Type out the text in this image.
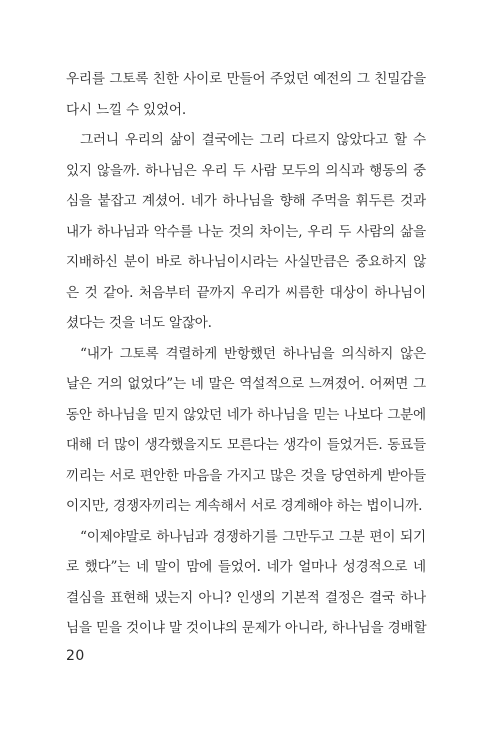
우리를 그토록 친한 사이로 만들어 주었던 예전의 그 친밀감을
다시 느낄 수 있었어.
그러니 우리의 삶이 결국에는 그리 다르지 않았다고 할 수
있지 않을까. 하나님은 우리 두 사람 모두의 의식과 행동의 중
심을 붙잡고 계셨어. 네가 하나님을 향해 주먹을 휘두른 것과
내가 하나님과 악수를 나눈 것의 차이는, 우리 두 사람의 삶을
지배하신 분이 바로 하나님이시라는 사실만큼은 중요하지 않
은 것 같아. 처음부터 끝까지 우리가 씨름한 대상이 하나님이
셨다는 것을 너도 알잖아.
“내가 그토록 격렬하게 반항했던 하나님을 의식하지 않은
날은 거의 없었다”는 네 말은 역설적으로 느껴졌어. 어쩌면 그
동안 하나님을 믿지 않았던 네가 하나님을 믿는 나보다 그분에
대해 더 많이 생각했을지도 모른다는 생각이 들었거든. 동료들
끼리는 서로 편안한 마음을 가지고 많은 것을 당연하게 받아들
이지만, 경쟁자끼리는 계속해서 서로 경계해야 하는 법이니까.
“이제야말로 하나님과 경쟁하기를 그만두고 그분 편이 되기
로 했다”는 네 말이 맘에 들었어. 네가 얼마나 성경적으로 네
결심을 표현해 냈는지 아니? 인생의 기본적 결정은 결국 하나
님을 믿을 것이냐 말 것이냐의 문제가 아니라, 하나님을 경배할
20
